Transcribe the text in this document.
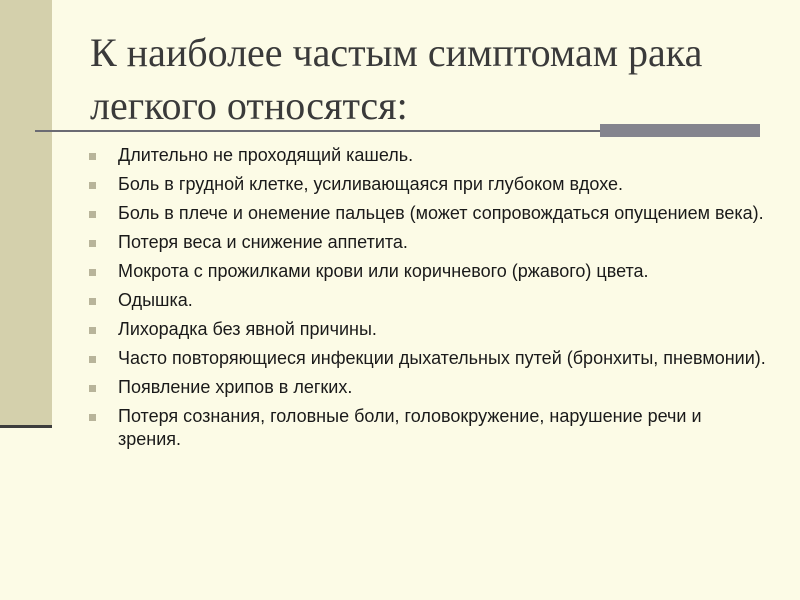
К наиболее частым симптомам рака легкого относятся:
Длительно не проходящий кашель.
Боль в грудной клетке, усиливающаяся при глубоком вдохе.
Боль в плече и онемение пальцев (может сопровождаться опущением века).
Потеря веса и снижение аппетита.
Мокрота с прожилками крови или коричневого (ржавого) цвета.
Одышка.
Лихорадка без явной причины.
Часто повторяющиеся инфекции дыхательных путей (бронхиты, пневмонии).
Появление хрипов в легких.
Потеря сознания, головные боли, головокружение, нарушение речи и зрения.
